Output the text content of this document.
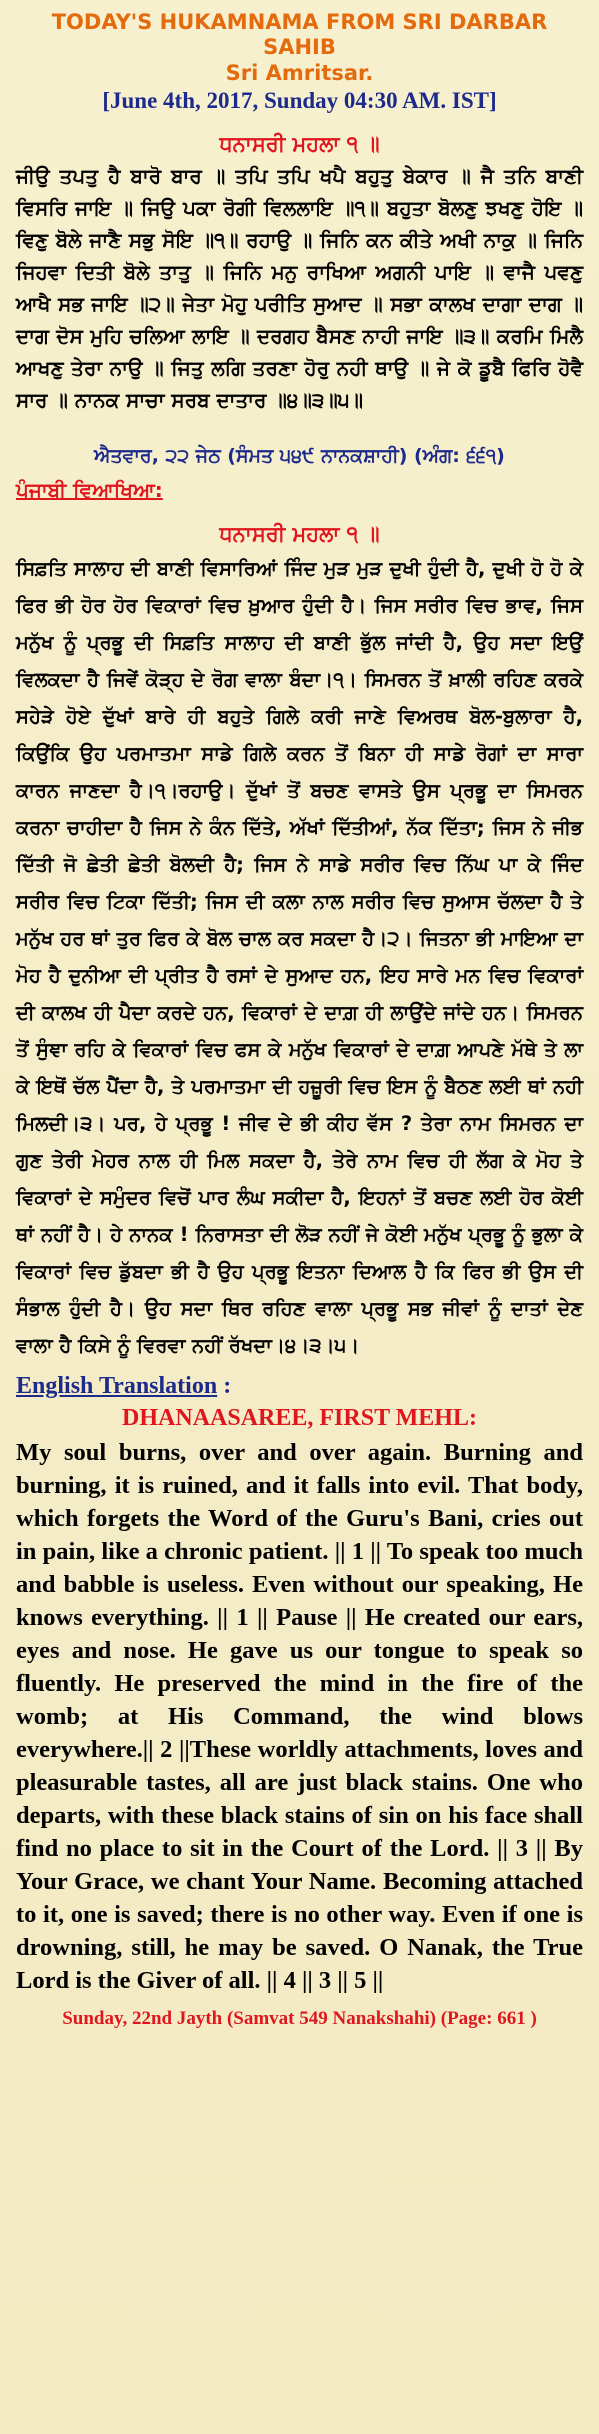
TODAY'S HUKAMNAMA FROM SRI DARBAR SAHIB

Sri Amritsar.

[June 4th, 2017, Sunday 04:30 AM. IST]

ਧਨਾਸਰੀ ਮਹਲਾ ੧ ॥

ਜੀਉ ਤਪਤੁ ਹੈ ਬਾਰੋ ਬਾਰ ॥ ਤਪਿ ਤਪਿ ਖਪੈ ਬਹੁਤੁ ਬੇਕਾਰ ॥ ਜੈ ਤਨਿ ਬਾਣੀ ਵਿਸਰਿ ਜਾਇ ॥ ਜਿਉ ਪਕਾ ਰੋਗੀ ਵਿਲਲਾਇ ॥੧॥ ਬਹੁਤਾ ਬੋਲਣੁ ਝਖਣੁ ਹੋਇ ॥ ਵਿਣੁ ਬੋਲੇ ਜਾਣੈ ਸਭੁ ਸੋਇ ॥੧॥ ਰਹਾਉ ॥ ਜਿਨਿ ਕਨ ਕੀਤੇ ਅਖੀ ਨਾਕੁ ॥ ਜਿਨਿ ਜਿਹਵਾ ਦਿਤੀ ਬੋਲੇ ਤਾਤੁ ॥ ਜਿਨਿ ਮਨੁ ਰਾਖਿਆ ਅਗਨੀ ਪਾਇ ॥ ਵਾਜੈ ਪਵਣੁ ਆਖੈ ਸਭ ਜਾਇ ॥੨॥ ਜੇਤਾ ਮੋਹੁ ਪਰੀਤਿ ਸੁਆਦ ॥ ਸਭਾ ਕਾਲਖ ਦਾਗਾ ਦਾਗ ॥ ਦਾਗ ਦੋਸ ਮੁਹਿ ਚਲਿਆ ਲਾਇ ॥ ਦਰਗਹ ਬੈਸਣ ਨਾਹੀ ਜਾਇ ॥੩॥ ਕਰਮਿ ਮਿਲੈ ਆਖਣੁ ਤੇਰਾ ਨਾਉ ॥ ਜਿਤੁ ਲਗਿ ਤਰਣਾ ਹੋਰੁ ਨਹੀ ਥਾਉ ॥ ਜੇ ਕੋ ਡੂਬੈ ਫਿਰਿ ਹੋਵੈ ਸਾਰ ॥ ਨਾਨਕ ਸਾਚਾ ਸਰਬ ਦਾਤਾਰ ॥੪॥੩॥੫॥

ਐਤਵਾਰ, ੨੨ ਜੇਠ (ਸੰਮਤ ੫੪੯ ਨਾਨਕਸ਼ਾਹੀ) (ਅੰਗ: ੬੬੧)
ਪੰਜਾਬੀ ਵਿਆਖਿਆ:
ਧਨਾਸਰੀ ਮਹਲਾ ੧ ॥

ਸਿਫ਼ਤਿ ਸਾਲਾਹ ਦੀ ਬਾਣੀ ਵਿਸਾਰਿਆਂ ਜਿੰਦ ਮੁੜ ਮੁੜ ਦੁਖੀ ਹੁੰਦੀ ਹੈ, ਦੁਖੀ ਹੋ ਹੋ ਕੇ ਫਿਰ ਭੀ ਹੋਰ ਹੋਰ ਵਿਕਾਰਾਂ ਵਿਚ ਖ਼ੁਆਰ ਹੁੰਦੀ ਹੈ। ਜਿਸ ਸਰੀਰ ਵਿਚ ਭਾਵ, ਜਿਸ ਮਨੁੱਖ ਨੂੰ ਪ੍ਰਭੂ ਦੀ ਸਿਫ਼ਤਿ ਸਾਲਾਹ ਦੀ ਬਾਣੀ ਭੁੱਲ ਜਾਂਦੀ ਹੈ, ਉਹ ਸਦਾ ਇਉਂ ਵਿਲਕਦਾ ਹੈ ਜਿਵੇਂ ਕੋੜ੍ਹ ਦੇ ਰੋਗ ਵਾਲਾ ਬੰਦਾ।੧। ਸਿਮਰਨ ਤੋਂ ਖ਼ਾਲੀ ਰਹਿਣ ਕਰਕੇ ਸਹੇੜੇ ਹੋਏ ਦੁੱਖਾਂ ਬਾਰੇ ਹੀ ਬਹੁਤੇ ਗਿਲੇ ਕਰੀ ਜਾਣੇ ਵਿਅਰਥ ਬੋਲ-ਬੁਲਾਰਾ ਹੈ, ਕਿਉਂਕਿ ਉਹ ਪਰਮਾਤਮਾ ਸਾਡੇ ਗਿਲੇ ਕਰਨ ਤੋਂ ਬਿਨਾ ਹੀ ਸਾਡੇ ਰੋਗਾਂ ਦਾ ਸਾਰਾ ਕਾਰਨ ਜਾਣਦਾ ਹੈ।੧।ਰਹਾਉ। ਦੁੱਖਾਂ ਤੋਂ ਬਚਣ ਵਾਸਤੇ ਉਸ ਪ੍ਰਭੂ ਦਾ ਸਿਮਰਨ ਕਰਨਾ ਚਾਹੀਦਾ ਹੈ ਜਿਸ ਨੇ ਕੰਨ ਦਿੱਤੇ, ਅੱਖਾਂ ਦਿੱਤੀਆਂ, ਨੱਕ ਦਿੱਤਾ; ਜਿਸ ਨੇ ਜੀਭ ਦਿੱਤੀ ਜੋ ਛੇਤੀ ਛੇਤੀ ਬੋਲਦੀ ਹੈ; ਜਿਸ ਨੇ ਸਾਡੇ ਸਰੀਰ ਵਿਚ ਨਿੱਘ ਪਾ ਕੇ ਜਿੰਦ ਸਰੀਰ ਵਿਚ ਟਿਕਾ ਦਿੱਤੀ; ਜਿਸ ਦੀ ਕਲਾ ਨਾਲ ਸਰੀਰ ਵਿਚ ਸੁਆਸ ਚੱਲਦਾ ਹੈ ਤੇ ਮਨੁੱਖ ਹਰ ਥਾਂ ਤੁਰ ਫਿਰ ਕੇ ਬੋਲ ਚਾਲ ਕਰ ਸਕਦਾ ਹੈ।੨। ਜਿਤਨਾ ਭੀ ਮਾਇਆ ਦਾ ਮੋਹ ਹੈ ਦੁਨੀਆ ਦੀ ਪ੍ਰੀਤ ਹੈ ਰਸਾਂ ਦੇ ਸੁਆਦ ਹਨ, ਇਹ ਸਾਰੇ ਮਨ ਵਿਚ ਵਿਕਾਰਾਂ ਦੀ ਕਾਲਖ ਹੀ ਪੈਦਾ ਕਰਦੇ ਹਨ, ਵਿਕਾਰਾਂ ਦੇ ਦਾਗ਼ ਹੀ ਲਾਉਂਦੇ ਜਾਂਦੇ ਹਨ। ਸਿਮਰਨ ਤੋਂ ਸੁੰਞਾ ਰਹਿ ਕੇ ਵਿਕਾਰਾਂ ਵਿਚ ਫਸ ਕੇ ਮਨੁੱਖ ਵਿਕਾਰਾਂ ਦੇ ਦਾਗ਼ ਆਪਣੇ ਮੱਥੇ ਤੇ ਲਾ ਕੇ ਇਥੋਂ ਚੱਲ ਪੈਂਦਾ ਹੈ, ਤੇ ਪਰਮਾਤਮਾ ਦੀ ਹਜ਼ੂਰੀ ਵਿਚ ਇਸ ਨੂੰ ਬੈਠਣ ਲਈ ਥਾਂ ਨਹੀ ਮਿਲਦੀ।੩। ਪਰ, ਹੇ ਪ੍ਰਭੂ ! ਜੀਵ ਦੇ ਭੀ ਕੀਹ ਵੱਸ ? ਤੇਰਾ ਨਾਮ ਸਿਮਰਨ ਦਾ ਗੁਣ ਤੇਰੀ ਮੇਹਰ ਨਾਲ ਹੀ ਮਿਲ ਸਕਦਾ ਹੈ, ਤੇਰੇ ਨਾਮ ਵਿਚ ਹੀ ਲੱਗ ਕੇ ਮੋਹ ਤੇ ਵਿਕਾਰਾਂ ਦੇ ਸਮੁੰਦਰ ਵਿਚੋਂ ਪਾਰ ਲੰਘ ਸਕੀਦਾ ਹੈ, ਇਹਨਾਂ ਤੋਂ ਬਚਣ ਲਈ ਹੋਰ ਕੋਈ ਥਾਂ ਨਹੀਂ ਹੈ। ਹੇ ਨਾਨਕ ! ਨਿਰਾਸਤਾ ਦੀ ਲੋੜ ਨਹੀਂ ਜੇ ਕੋਈ ਮਨੁੱਖ ਪ੍ਰਭੂ ਨੂੰ ਭੁਲਾ ਕੇ ਵਿਕਾਰਾਂ ਵਿਚ ਡੁੱਬਦਾ ਭੀ ਹੈ ਉਹ ਪ੍ਰਭੂ ਇਤਨਾ ਦਿਆਲ ਹੈ ਕਿ ਫਿਰ ਭੀ ਉਸ ਦੀ ਸੰਭਾਲ ਹੁੰਦੀ ਹੈ। ਉਹ ਸਦਾ ਥਿਰ ਰਹਿਣ ਵਾਲਾ ਪ੍ਰਭੂ ਸਭ ਜੀਵਾਂ ਨੂੰ ਦਾਤਾਂ ਦੇਣ ਵਾਲਾ ਹੈ ਕਿਸੇ ਨੂੰ ਵਿਰਵਾ ਨਹੀਂ ਰੱਖਦਾ।੪।੩।੫।

English Translation :
DHANAASAREE, FIRST MEHL:

My soul burns, over and over again. Burning and burning, it is ruined, and it falls into evil. That body, which forgets the Word of the Guru's Bani, cries out in pain, like a chronic patient. || 1 || To speak too much and babble is useless. Even without our speaking, He knows everything. || 1 || Pause || He created our ears, eyes and nose. He gave us our tongue to speak so fluently. He preserved the mind in the fire of the womb; at His Command, the wind blows everywhere.|| 2 ||These worldly attachments, loves and pleasurable tastes, all are just black stains. One who departs, with these black stains of sin on his face shall find no place to sit in the Court of the Lord. || 3 || By Your Grace, we chant Your Name. Becoming attached to it, one is saved; there is no other way. Even if one is drowning, still, he may be saved. O Nanak, the True Lord is the Giver of all. || 4 || 3 || 5 ||

Sunday, 22nd Jayth (Samvat 549 Nanakshahi) (Page: 661 )
